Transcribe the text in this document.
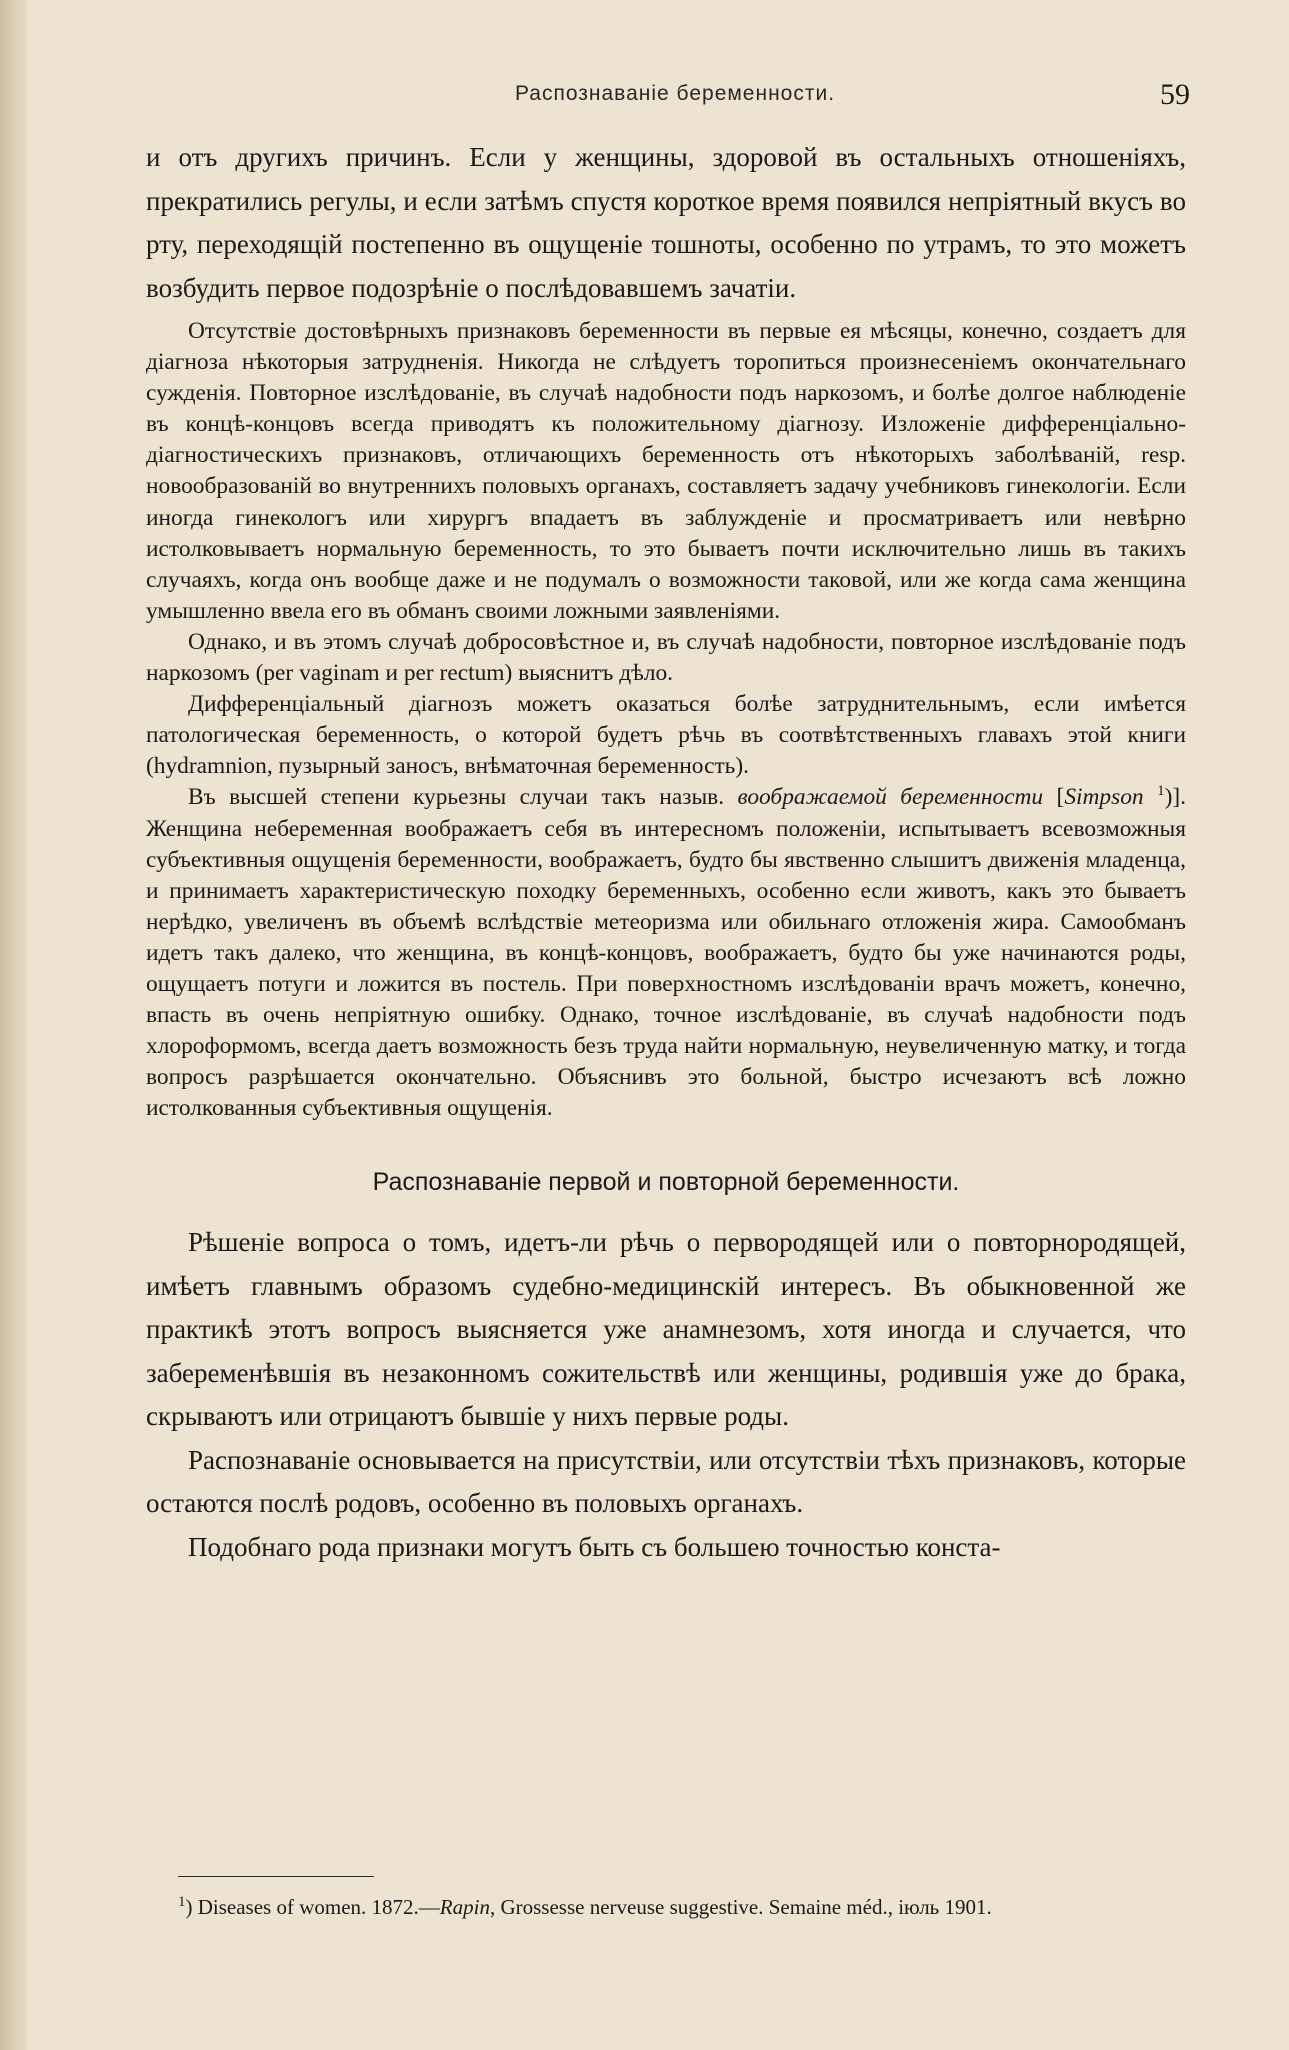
Распознаванiе беременности.	59

и отъ другихъ причинъ. Если у женщины, здоровой въ остальныхъ отношенiяхъ, прекратились регулы, и если затѣмъ спустя короткое время появился непрiятный вкусъ во рту, переходящiй постепенно въ ощущенiе тошноты, особенно по утрамъ, то это можетъ возбудить первое подозрѣнiе о послѣдовавшемъ зачатiи.

Отсутствiе достовѣрныхъ признаковъ беременности въ первые ея мѣсяцы, конечно, создаетъ для дiагноза нѣкоторыя затрудненiя. Никогда не слѣдуетъ торопиться произнесенiемъ окончательнаго сужденiя. Повторное изслѣдованiе, въ случаѣ надобности подъ наркозомъ, и болѣе долгое наблюденiе въ концѣ-концовъ всегда приводятъ къ положительному дiагнозу. Изложенiе дифференцiально-дiагностическихъ признаковъ, отличающихъ беременность отъ нѣкоторыхъ заболѣванiй, resp. новообразованiй во внутреннихъ половыхъ органахъ, составляетъ задачу учебниковъ гинекологiи. Если иногда гинекологъ или хирургъ впадаетъ въ заблужденiе и просматриваетъ или невѣрно истолковываетъ нормальную беременность, то это бываетъ почти исключительно лишь въ такихъ случаяхъ, когда онъ вообще даже и не подумалъ о возможности таковой, или же когда сама женщина умышленно ввела его въ обманъ своими ложными заявленiями.

Однако, и въ этомъ случаѣ добросовѣстное и, въ случаѣ надобности, повторное изслѣдованiе подъ наркозомъ (per vaginam и per rectum) выяснитъ дѣло.

Дифференцiальный дiагнозъ можетъ оказаться болѣе затруднительнымъ, если имѣется патологическая беременность, о которой будетъ рѣчь въ соотвѣтственныхъ главахъ этой книги (hydramnion, пузырный заносъ, внѣматочная беременность).

Въ высшей степени курьезны случаи такъ назыв. воображаемой беременности [Simpson $^1$)]. Женщина небеременная воображаетъ себя въ интересномъ положенiи, испытываетъ всевозможныя субъективныя ощущенiя беременности, воображаетъ, будто бы явственно слышитъ движенiя младенца, и принимаетъ характеристическую походку беременныхъ, особенно если животъ, какъ это бываетъ нерѣдко, увеличенъ въ объемѣ вслѣдствiе метеоризма или обильнаго отложенiя жира. Самообманъ идетъ такъ далеко, что женщина, въ концѣ-концовъ, воображаетъ, будто бы уже начинаются роды, ощущаетъ потуги и ложится въ постель. При поверхностномъ изслѣдованiи врачъ можетъ, конечно, впасть въ очень непрiятную ошибку. Однако, точное изслѣдованiе, въ случаѣ надобности подъ хлороформомъ, всегда даетъ возможность безъ труда найти нормальную, неувеличенную матку, и тогда вопросъ разрѣшается окончательно. Объяснивъ это больной, быстро исчезаютъ всѣ ложно истолкованныя субъективныя ощущенiя.

Распознаванiе первой и повторной беременности.

Рѣшенiе вопроса о томъ, идетъ-ли рѣчь о первородящей или о повторнородящей, имѣетъ главнымъ образомъ судебно-медицинскiй интересъ. Въ обыкновенной же практикѣ этотъ вопросъ выясняется уже анамнезомъ, хотя иногда и случается, что забеременѣвшiя въ незаконномъ сожительствѣ или женщины, родившiя уже до брака, скрываютъ или отрицаютъ бывшiе у нихъ первые роды.

Распознаванiе основывается на присутствiи, или отсутствiи тѣхъ признаковъ, которые остаются послѣ родовъ, особенно въ половыхъ органахъ.

Подобнаго рода признаки могутъ быть съ большею точностью конста-

$^1$) Diseases of women. 1872.—Rapin, Grossesse nerveuse suggestive. Semaine méd., iюль 1901.
